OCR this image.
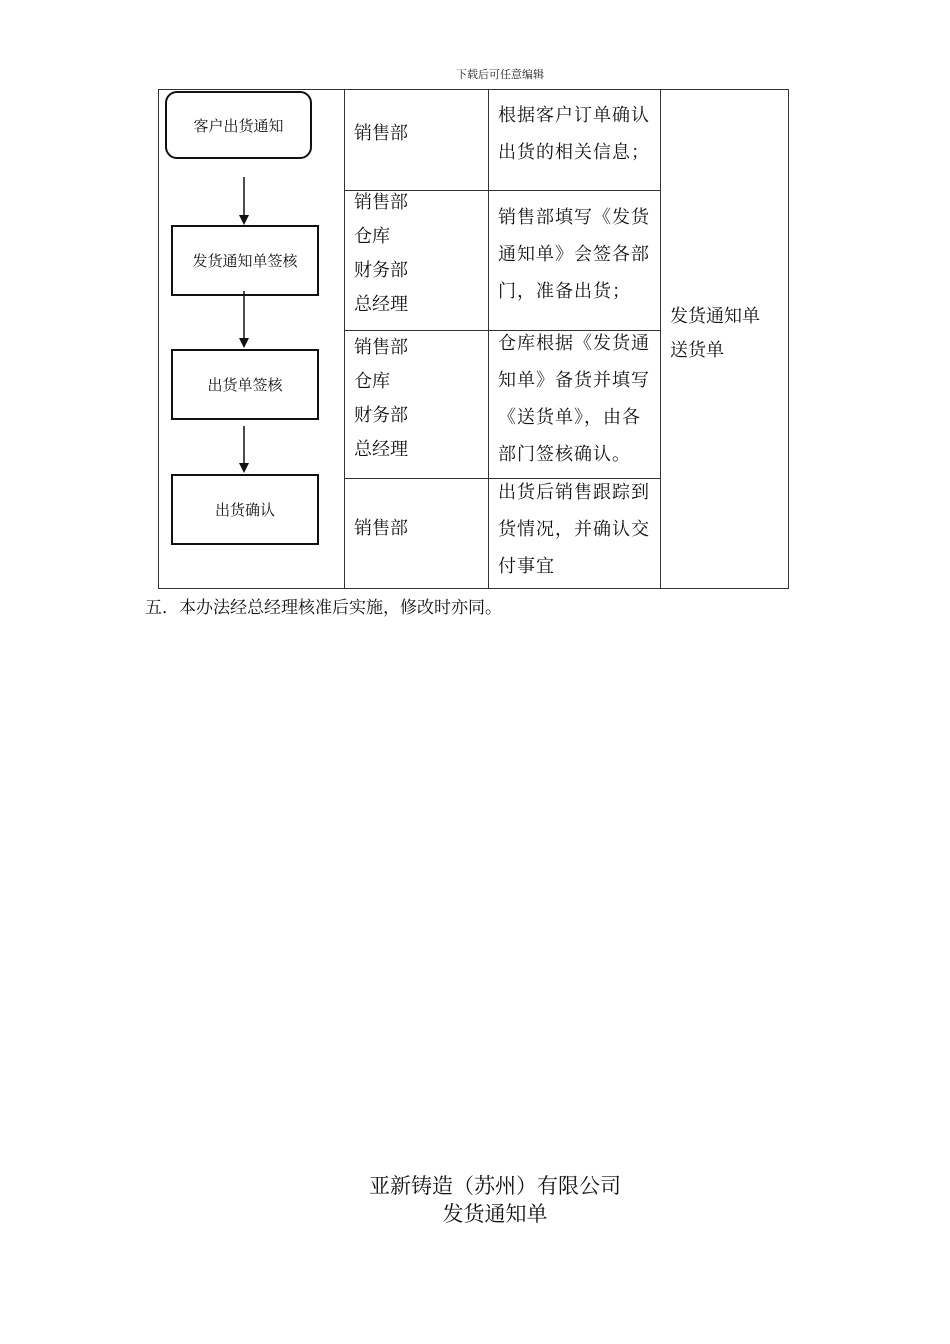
下载后可任意编辑
客户出货通知
发货通知单签核
出货单签核
出货确认
销售部
销售部
仓库
财务部
总经理
销售部
仓库
财务部
总经理
销售部
根据客户订单确认出货的相关信息；
销售部填写《发货通知单》会签各部门，准备出货；
仓库根据《发货通知单》备货并填写《送货单》，由各部门签核确认。
出货后销售跟踪到货情况，并确认交付事宜
发货通知单
送货单
五．本办法经总经理核准后实施，修改时亦同。
亚新铸造（苏州）有限公司
发货通知单
